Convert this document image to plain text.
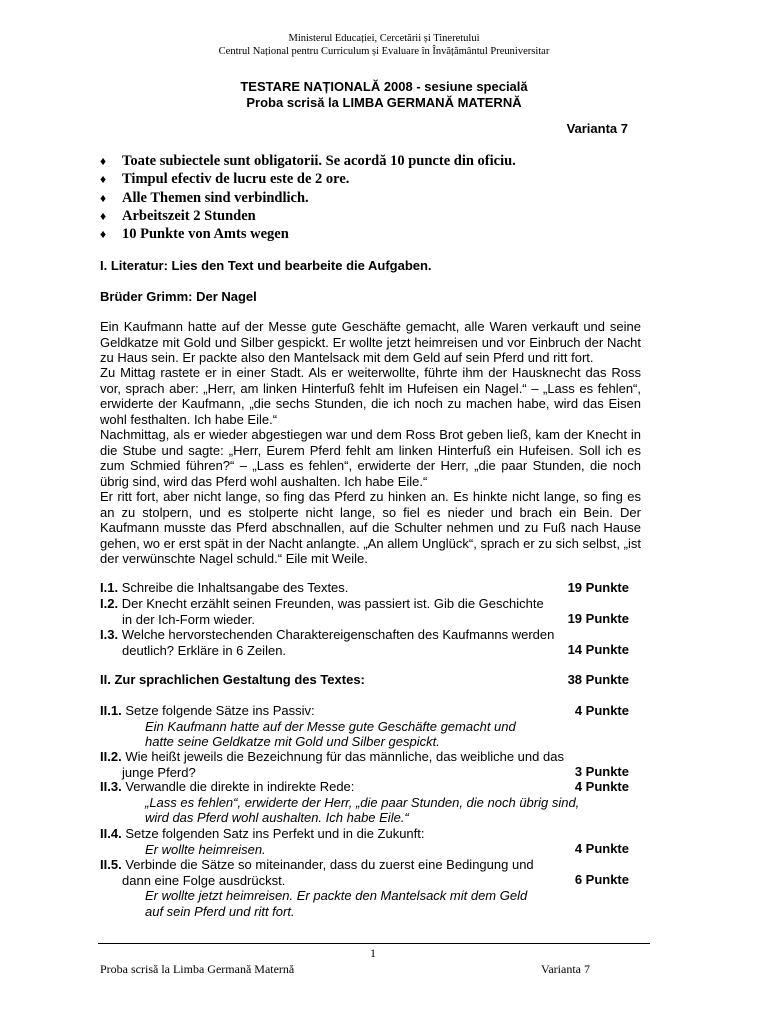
Ministerul Educației, Cercetării și Tineretului
Centrul Național pentru Curriculum și Evaluare în Învățământul Preuniversitar
TESTARE NAȚIONALĂ 2008 - sesiune specială
Proba scrisă la LIMBA GERMANĂ MATERNĂ
Varianta 7
♦ Toate subiectele sunt obligatorii. Se acordă 10 puncte din oficiu.
♦ Timpul efectiv de lucru este de 2 ore.
♦ Alle Themen sind verbindlich.
♦ Arbeitszeit 2 Stunden
♦ 10 Punkte von Amts wegen
I. Literatur: Lies den Text und bearbeite die Aufgaben.
Brüder Grimm: Der Nagel
Ein Kaufmann hatte auf der Messe gute Geschäfte gemacht, alle Waren verkauft und seine Geldkatze mit Gold und Silber gespickt. Er wollte jetzt heimreisen und vor Einbruch der Nacht zu Haus sein. Er packte also den Mantelsack mit dem Geld auf sein Pferd und ritt fort.
Zu Mittag rastete er in einer Stadt. Als er weiterwollte, führte ihm der Hausknecht das Ross vor, sprach aber: „Herr, am linken Hinterfuß fehlt im Hufeisen ein Nagel.“ – „Lass es fehlen“, erwiderte der Kaufmann, „die sechs Stunden, die ich noch zu machen habe, wird das Eisen wohl festhalten. Ich habe Eile.“
Nachmittag, als er wieder abgestiegen war und dem Ross Brot geben ließ, kam der Knecht in die Stube und sagte: „Herr, Eurem Pferd fehlt am linken Hinterfuß ein Hufeisen. Soll ich es zum Schmied führen?“ – „Lass es fehlen“, erwiderte der Herr, „die paar Stunden, die noch übrig sind, wird das Pferd wohl aushalten. Ich habe Eile.“
Er ritt fort, aber nicht lange, so fing das Pferd zu hinken an. Es hinkte nicht lange, so fing es an zu stolpern, und es stolperte nicht lange, so fiel es nieder und brach ein Bein. Der Kaufmann musste das Pferd abschnallen, auf die Schulter nehmen und zu Fuß nach Hause gehen, wo er erst spät in der Nacht anlangte. „An allem Unglück“, sprach er zu sich selbst, „ist der verwünschte Nagel schuld.“ Eile mit Weile.
I.1. Schreibe die Inhaltsangabe des Textes.	19 Punkte
I.2. Der Knecht erzählt seinen Freunden, was passiert ist. Gib die Geschichte
in der Ich-Form wieder.	19 Punkte
I.3. Welche hervorstechenden Charaktereigenschaften des Kaufmanns werden
deutlich? Erkläre in 6 Zeilen.	14 Punkte
II. Zur sprachlichen Gestaltung des Textes:	38 Punkte
II.1. Setze folgende Sätze ins Passiv:
Ein Kaufmann hatte auf der Messe gute Geschäfte gemacht und
hatte seine Geldkatze mit Gold und Silber gespickt.
4 Punkte
II.2. Wie heißt jeweils die Bezeichnung für das männliche, das weibliche und das
junge Pferd?	3 Punkte
II.3. Verwandle die direkte in indirekte Rede:
„Lass es fehlen“, erwiderte der Herr, „die paar Stunden, die noch übrig sind,
wird das Pferd wohl aushalten. Ich habe Eile.“
4 Punkte
II.4. Setze folgenden Satz ins Perfekt und in die Zukunft:
Er wollte heimreisen.	4 Punkte
II.5. Verbinde die Sätze so miteinander, dass du zuerst eine Bedingung und
dann eine Folge ausdrückst.
Er wollte jetzt heimreisen. Er packte den Mantelsack mit dem Geld
auf sein Pferd und ritt fort.
6 Punkte
1
Proba scrisă la Limba Germană Maternă	Varianta 7
